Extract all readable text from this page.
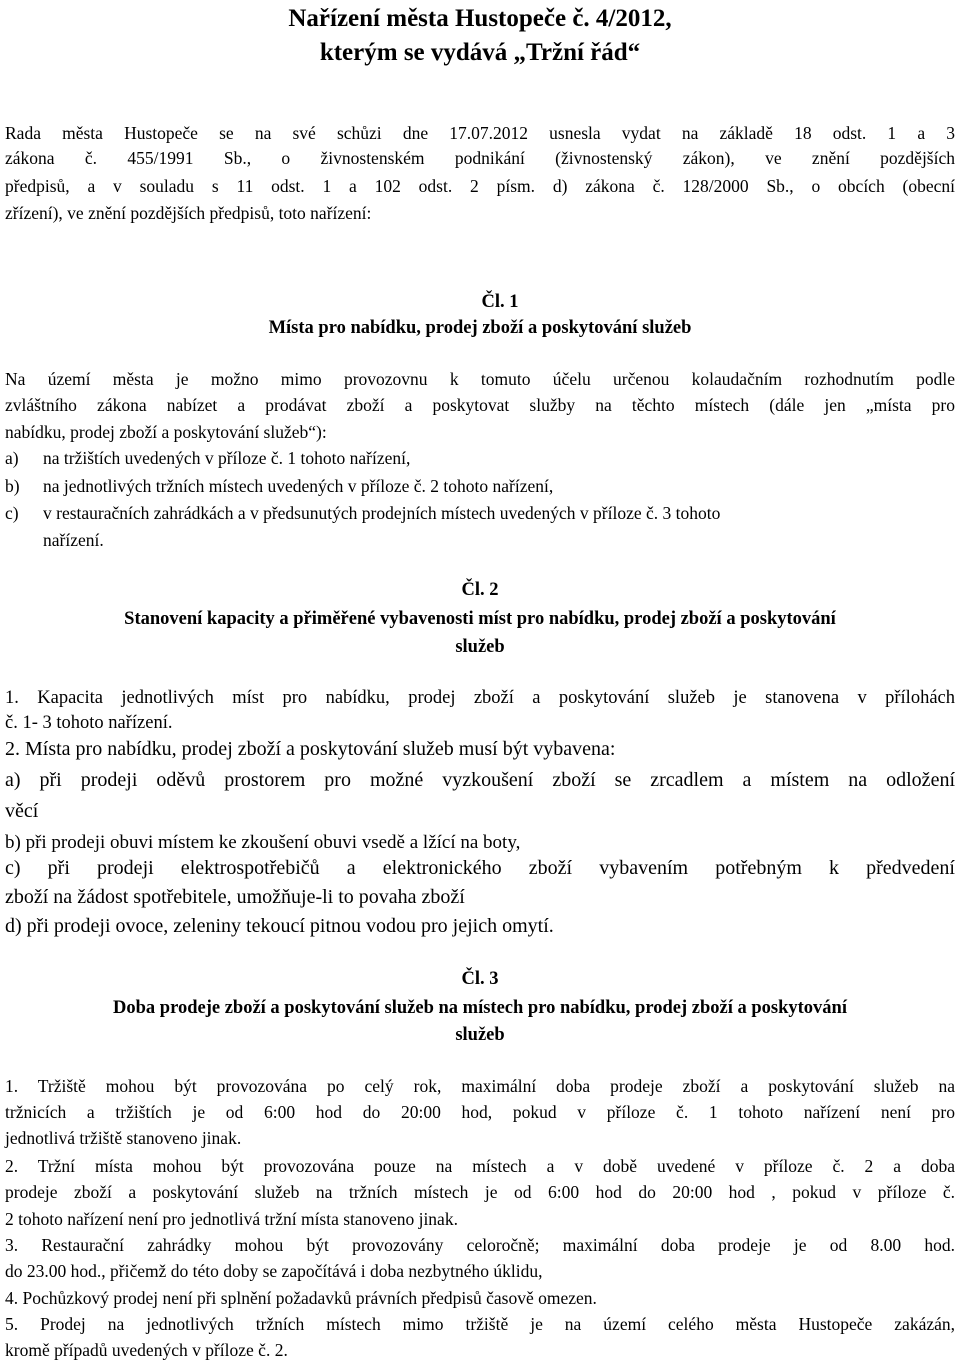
Nařízení města Hustopeče č. 4/2012,
kterým se vydává „Tržní řád“
Rada města Hustopeče se na své schůzi dne 17.07.2012 usnesla vydat na základě 18 odst. 1 a 3
zákona č. 455/1991 Sb., o živnostenském podnikání (živnostenský zákon), ve znění pozdějších
předpisů, a v souladu s 11 odst. 1 a 102 odst. 2 písm. d) zákona č. 128/2000 Sb., o obcích (obecní
zřízení), ve znění pozdějších předpisů, toto nařízení:
Čl. 1
Místa pro nabídku, prodej zboží a poskytování služeb
Na území města je možno mimo provozovnu k tomuto účelu určenou kolaudačním rozhodnutím podle
zvláštního zákona nabízet a prodávat zboží a poskytovat služby na těchto místech (dále jen „místa pro
nabídku, prodej zboží a poskytování služeb“):
a) na tržištích uvedených v příloze č. 1 tohoto nařízení,
b) na jednotlivých tržních místech uvedených v příloze č. 2 tohoto nařízení,
c) v restauračních zahrádkách a v předsunutých prodejních místech uvedených v příloze č. 3 tohoto
nařízení.
Čl. 2
Stanovení kapacity a přiměřené vybavenosti míst pro nabídku, prodej zboží a poskytování
služeb
1. Kapacita jednotlivých míst pro nabídku, prodej zboží a poskytování služeb je stanovena v přílohách
č. 1- 3 tohoto nařízení.
2. Místa pro nabídku, prodej zboží a poskytování služeb musí být vybavena:
a) při prodeji oděvů prostorem pro možné vyzkoušení zboží se zrcadlem a místem na odložení
věcí
b) při prodeji obuvi místem ke zkoušení obuvi vsedě a lžící na boty,
c) při prodeji elektrospotřebičů a elektronického zboží vybavením potřebným k předvedení
zboží na žádost spotřebitele, umožňuje-li to povaha zboží
d) při prodeji ovoce, zeleniny tekoucí pitnou vodou pro jejich omytí.
Čl. 3
Doba prodeje zboží a poskytování služeb na místech pro nabídku, prodej zboží a poskytování
služeb
1. Tržiště mohou být provozována po celý rok, maximální doba prodeje zboží a poskytování služeb na
tržnicích a tržištích je od 6:00 hod do 20:00 hod, pokud v příloze č. 1 tohoto nařízení není pro
jednotlivá tržiště stanoveno jinak.
2. Tržní místa mohou být provozována pouze na místech a v době uvedené v příloze č. 2 a doba
prodeje zboží a poskytování služeb na tržních místech je od 6:00 hod do 20:00 hod , pokud v příloze č.
2 tohoto nařízení není pro jednotlivá tržní místa stanoveno jinak.
3. Restaurační zahrádky mohou být provozovány celoročně; maximální doba prodeje je od 8.00 hod.
do 23.00 hod., přičemž do této doby se započítává i doba nezbytného úklidu,
4. Pochůzkový prodej není při splnění požadavků právních předpisů časově omezen.
5. Prodej na jednotlivých tržních místech mimo tržiště je na území celého města Hustopeče zakázán,
kromě případů uvedených v příloze č. 2.
